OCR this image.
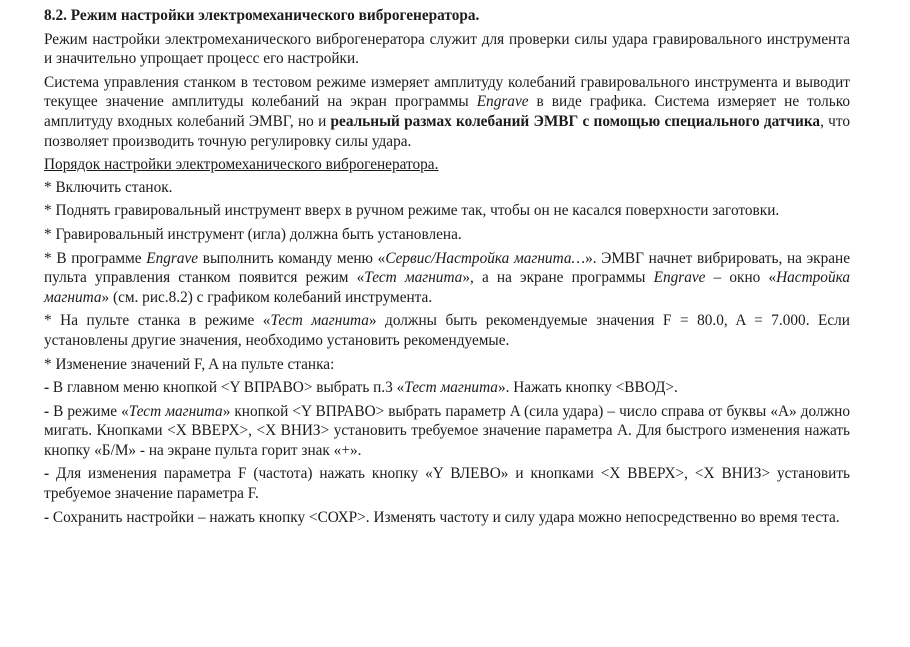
8.2. Режим настройки электромеханического виброгенератора.

Режим настройки электромеханического виброгенератора служит для проверки силы удара гравировального инструмента и значительно упрощает процесс его настройки.

Система управления станком в тестовом режиме измеряет амплитуду колебаний гравировального инструмента и выводит текущее значение амплитуды колебаний на экран программы Engrave в виде графика. Система измеряет не только амплитуду входных колебаний ЭМВГ, но и реальный размах колебаний ЭМВГ с помощью специального датчика, что позволяет производить точную регулировку силы удара.

Порядок настройки электромеханического виброгенератора.

* Включить станок.

* Поднять гравировальный инструмент вверх в ручном режиме так, чтобы он не касался поверхности заготовки.

* Гравировальный инструмент (игла) должна быть установлена.

* В программе Engrave выполнить команду меню «Сервис/Настройка магнита…». ЭМВГ начнет вибрировать, на экране пульта управления станком появится режим «Тест магнита», а на экране программы Engrave – окно «Настройка магнита» (см. рис.8.2) с графиком колебаний инструмента.

* На пульте станка в режиме «Тест магнита» должны быть рекомендуемые значения F = 80.0, A = 7.000. Если установлены другие значения, необходимо установить рекомендуемые.

* Изменение значений F, A на пульте станка:

- В главном меню кнопкой <Y ВПРАВО> выбрать п.3 «Тест магнита». Нажать кнопку <ВВОД>.

- В режиме «Тест магнита» кнопкой <Y ВПРАВО> выбрать параметр A (сила удара) – число справа от буквы «A» должно мигать. Кнопками <X ВВЕРХ>, <X ВНИЗ> установить требуемое значение параметра A. Для быстрого изменения нажать кнопку «Б/М» - на экране пульта горит знак «+».

- Для изменения параметра F (частота) нажать кнопку «Y ВЛЕВО» и кнопками <X ВВЕРХ>, <X ВНИЗ> установить требуемое значение параметра F.

- Сохранить настройки – нажать кнопку <СОХР>. Изменять частоту и силу удара можно непосредственно во время теста.
